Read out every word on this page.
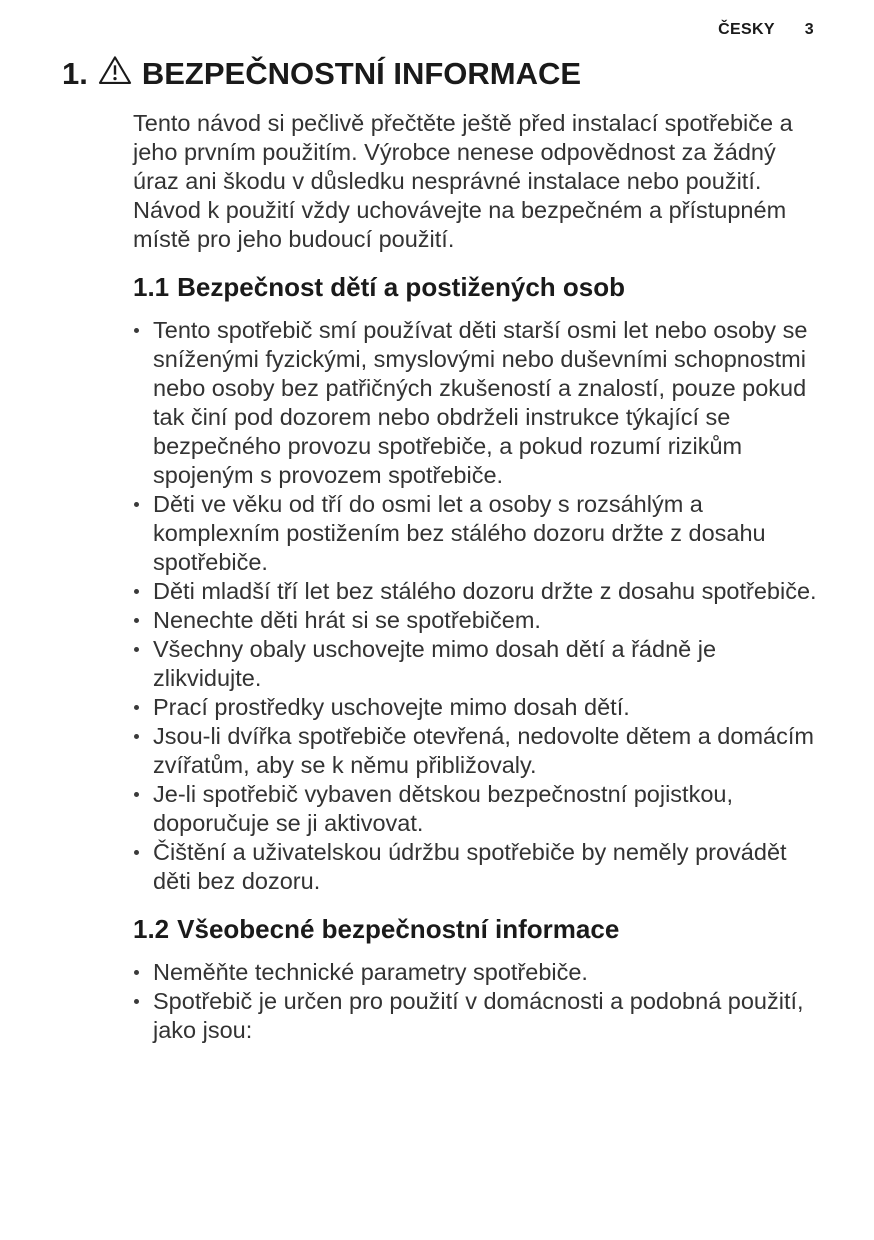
ČESKY 3
1. BEZPEČNOSTNÍ INFORMACE

Tento návod si pečlivě přečtěte ještě před instalací spotřebiče a jeho prvním použitím. Výrobce nenese odpovědnost za žádný úraz ani škodu v důsledku nesprávné instalace nebo použití. Návod k použití vždy uchovávejte na bezpečném a přístupném místě pro jeho budoucí použití.

1.1 Bezpečnost dětí a postižených osob
Tento spotřebič smí používat děti starší osmi let nebo osoby se sníženými fyzickými, smyslovými nebo duševními schopnostmi nebo osoby bez patřičných zkušeností a znalostí, pouze pokud tak činí pod dozorem nebo obdrželi instrukce týkající se bezpečného provozu spotřebiče, a pokud rozumí rizikům spojeným s provozem spotřebiče.
Děti ve věku od tří do osmi let a osoby s rozsáhlým a komplexním postižením bez stálého dozoru držte z dosahu spotřebiče.
Děti mladší tří let bez stálého dozoru držte z dosahu spotřebiče.
Nenechte děti hrát si se spotřebičem.
Všechny obaly uschovejte mimo dosah dětí a řádně je zlikvidujte.
Prací prostředky uschovejte mimo dosah dětí.
Jsou-li dvířka spotřebiče otevřená, nedovolte dětem a domácím zvířatům, aby se k němu přibližovaly.
Je-li spotřebič vybaven dětskou bezpečnostní pojistkou, doporučuje se ji aktivovat.
Čištění a uživatelskou údržbu spotřebiče by neměly provádět děti bez dozoru.
1.2 Všeobecné bezpečnostní informace
Neměňte technické parametry spotřebiče.
Spotřebič je určen pro použití v domácnosti a podobná použití, jako jsou:
